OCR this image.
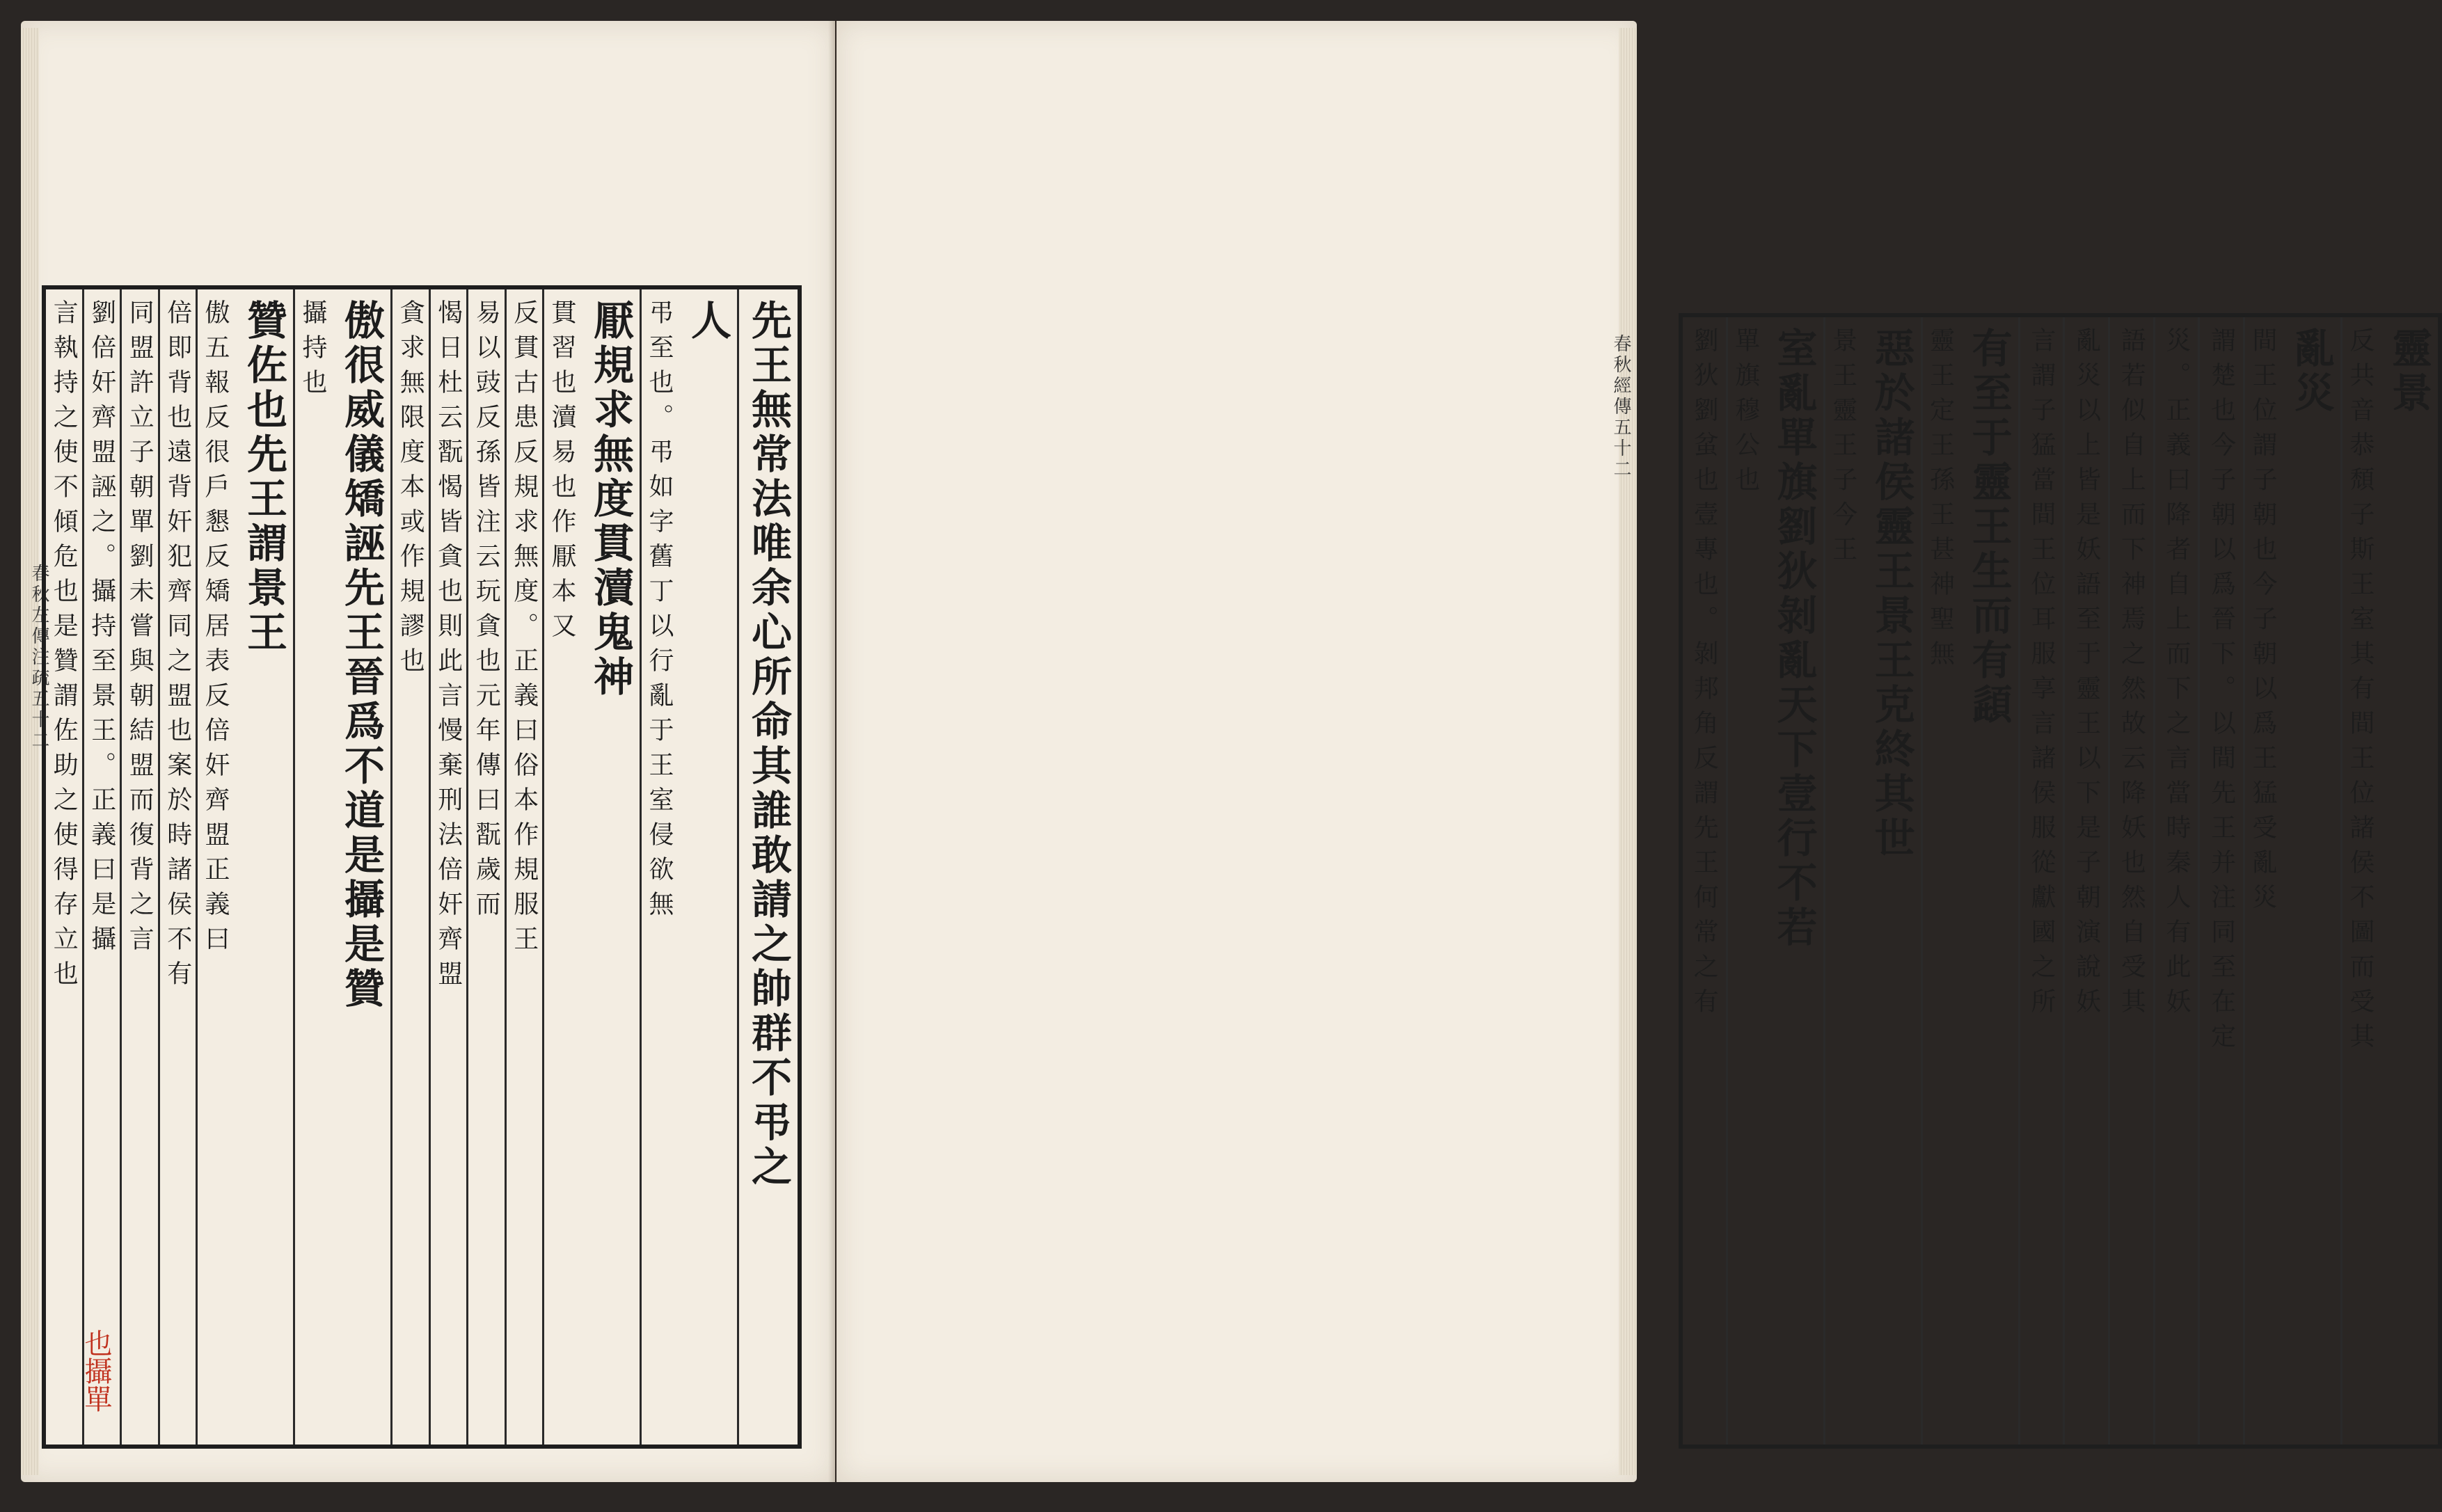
春秋左傳注疏五十二	先王無常法唯余心所命其誰敢請之帥群不弔之
人
弔至也。弔如字舊丁以行亂于王室侵欲無
厭規求無度貫瀆鬼神
貫習也瀆易也作厭本又
反貫古患反規求無度。正義曰俗本作規服王
易以豉反孫皆注云玩貪也元年傳曰翫歲而
愒日杜云翫愒皆貪也則此言慢棄刑法倍奸齊盟
貪求無限度本或作規謬也
傲很威儀矯誣先王晉爲不道是攝是贊
攝持也
贊佐也先王謂景王
傲五報反很戶懇反矯居表反倍奸齊盟正義曰
倍即背也遠背奸犯齊同之盟也案於時諸侯不有
同盟許立子朝單劉未嘗與朝結盟而復背之言
劉倍奸齊盟誣之。攝持至景王。正義曰是攝
言執持之使不傾危也是贊謂佐助之使得存立也
也攝單
春秋經傳五十二	靈景
反共音恭頹子斯王室其有間王位諸侯不圖而受其
亂災
間王位謂子朝也今子朝以爲王猛受亂災
謂楚也今子朝以爲晉下。以間先王并注同至在定
災。正義曰降者自上而下之言當時秦人有此妖
語若似自上而下神焉之然故云降妖也然自受其
亂災以上皆是妖語至于靈王以下是子朝演說妖
言謂子猛當間王位耳服享言諸侯服從獻國之所
有至于靈王生而有頿
靈王定王孫王甚神聖無
惡於諸侯靈王景王克終其世
景王靈王子今王
室亂單旗劉狄剝亂天下壹行不若
單旗穆公也
劉狄劉蚠也壹專也。剝邦角反謂先王何常之有
